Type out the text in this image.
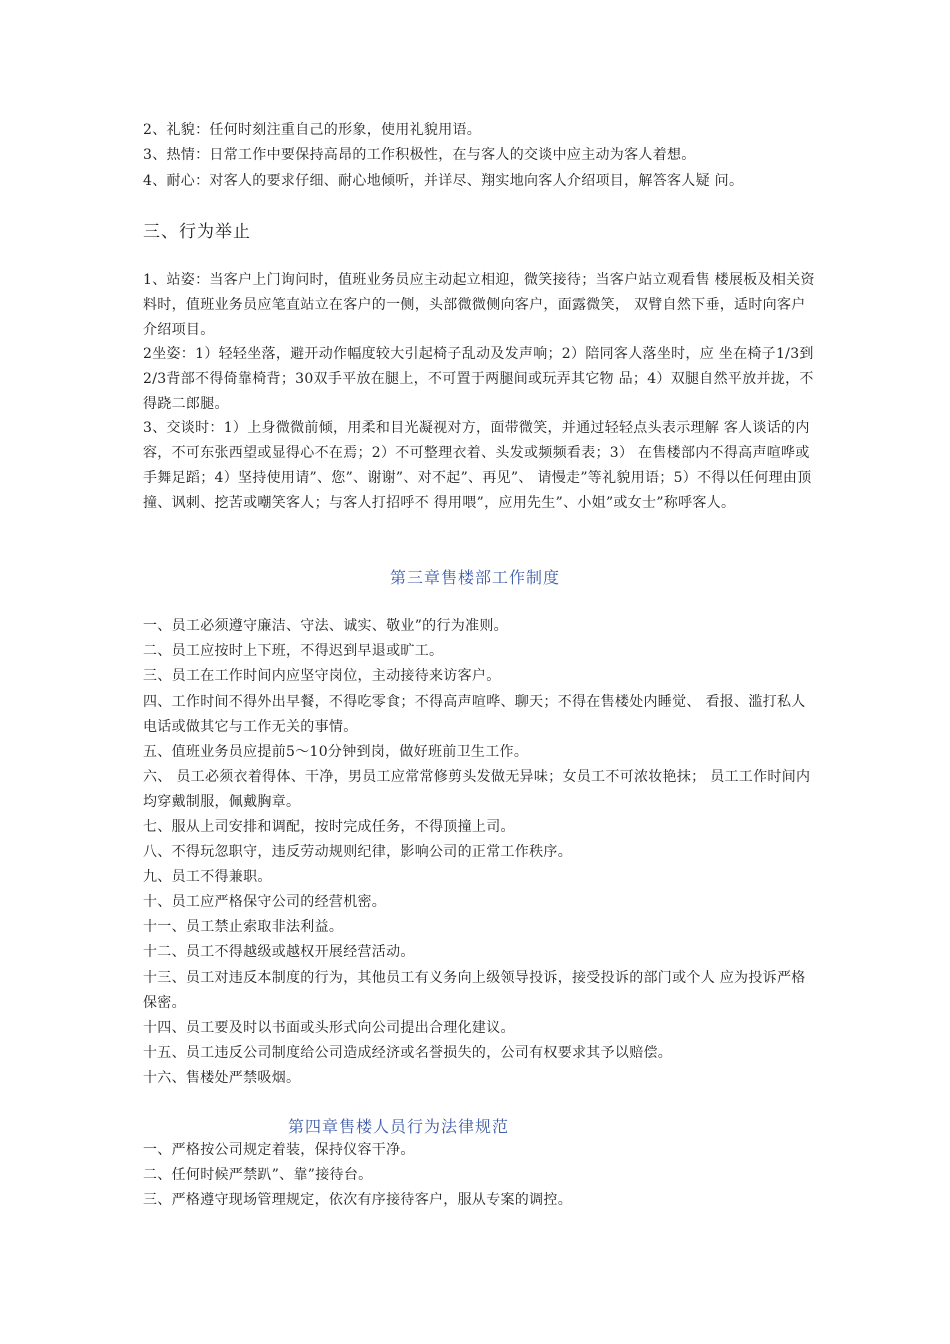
2、礼貌：任何时刻注重自己的形象，使用礼貌用语。
3、热情：日常工作中要保持高昂的工作积极性，在与客人的交谈中应主动为客人着想。
4、耐心：对客人的要求仔细、耐心地倾听，并详尽、翔实地向客人介绍项目，解答客人疑 问。
三、行为举止
1、站姿：当客户上门询问时，值班业务员应主动起立相迎，微笑接待；当客户站立观看售 楼展板及相关资料时，值班业务员应笔直站立在客户的一侧，头部微微侧向客户，面露微笑， 双臂自然下垂，适时向客户介绍项目。
2坐姿：1）轻轻坐落，避开动作幅度较大引起椅子乱动及发声响；2）陪同客人落坐时，应 坐在椅子1/3到2/3背部不得倚靠椅背；30双手平放在腿上，不可置于两腿间或玩弄其它物 品；4）双腿自然平放并拢，不得跷二郎腿。
3、交谈时：1）上身微微前倾，用柔和目光凝视对方，面带微笑，并通过轻轻点头表示理解 客人谈话的内容，不可东张西望或显得心不在焉；2）不可整理衣着、头发或频频看表；3） 在售楼部内不得高声喧哗或手舞足蹈；4）坚持使用请”、您”、谢谢”、对不起”、再见”、 请慢走”等礼貌用语；5）不得以任何理由顶撞、讽刺、挖苦或嘲笑客人；与客人打招呼不 得用喂”，应用先生”、小姐”或女士”称呼客人。
第三章售楼部工作制度
一、员工必须遵守廉洁、守法、诚实、敬业”的行为准则。
二、员工应按时上下班，不得迟到早退或旷工。
三、员工在工作时间内应坚守岗位，主动接待来访客户。
四、工作时间不得外出早餐，不得吃零食；不得高声喧哗、聊天；不得在售楼处内睡觉、 看报、滥打私人电话或做其它与工作无关的事情。
五、值班业务员应提前5〜10分钟到岗，做好班前卫生工作。
六、 员工必须衣着得体、干净，男员工应常常修剪头发做无异味；女员工不可浓妆艳抹； 员工工作时间内均穿戴制服，佩戴胸章。
七、服从上司安排和调配，按时完成任务，不得顶撞上司。
八、不得玩忽职守，违反劳动规则纪律，影响公司的正常工作秩序。
九、员工不得兼职。
十、员工应严格保守公司的经营机密。
十一、员工禁止索取非法利益。
十二、员工不得越级或越权开展经营活动。
十三、员工对违反本制度的行为，其他员工有义务向上级领导投诉，接受投诉的部门或个人 应为投诉严格保密。
十四、员工要及时以书面或头形式向公司提出合理化建议。
十五、员工违反公司制度给公司造成经济或名誉损失的，公司有权要求其予以赔偿。
十六、售楼处严禁吸烟。
第四章售楼人员行为法律规范
一、严格按公司规定着装，保持仪容干净。
二、任何时候严禁趴”、靠”接待台。
三、严格遵守现场管理规定，依次有序接待客户，服从专案的调控。
